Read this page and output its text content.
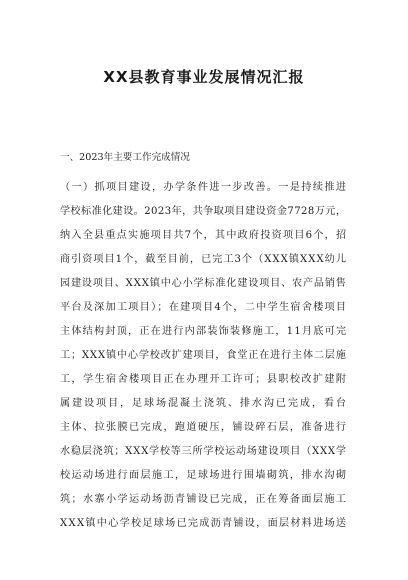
XX县教育事业发展情况汇报
一、2023年主要工作完成情况
（一）抓项目建设，办学条件进一步改善。一是持续推进
学校标准化建设。2023年，共争取项目建设资金7728万元，
纳入全县重点实施项目共7个，其中政府投资项目6个，招
商引资项目1个，截至目前，已完工3个（XXX镇XXX幼儿
园建设项目、XXX镇中心小学标准化建设项目、农产品销售
平台及深加工项目）；在建项目4个，二中学生宿舍楼项目
主体结构封顶，正在进行内部装饰装修施工，11月底可完
工；XXX镇中心学校改扩建项目，食堂正在进行主体二层施
工，学生宿舍楼项目正在办理开工许可；县职校改扩建附
属建设项目，足球场混凝土浇筑、排水沟已完成，看台
主体、拉张膜已完成，跑道硬压，铺设碎石层，准备进行
水稳层浇筑；XXX学校等三所学校运动场建设项目（XXX学
校运动场进行面层施工，足球场进行围墙砌筑，排水沟砌
筑；水寨小学运动场沥青铺设已完成，正在筹备面层施工
XXX镇中心学校足球场已完成沥青铺设，面层材料进场送
